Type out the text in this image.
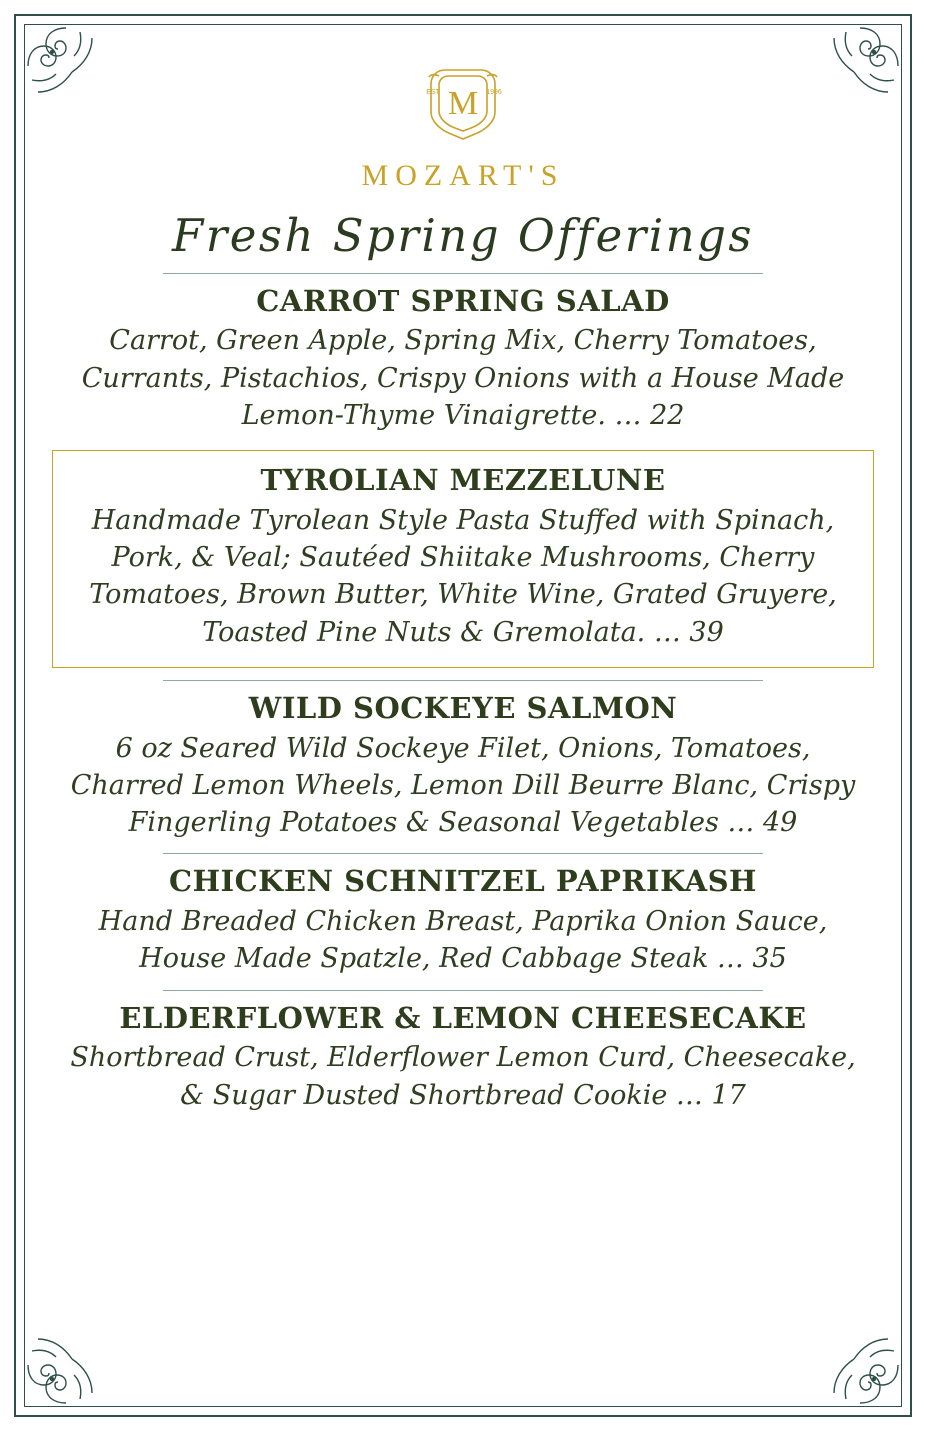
M
EST	1996
MOZART'S
Fresh Spring Offerings
CARROT SPRING SALAD
Carrot, Green Apple, Spring Mix, Cherry Tomatoes, Currants, Pistachios, Crispy Onions with a House Made Lemon-Thyme Vinaigrette. … 22
TYROLIAN MEZZELUNE
Handmade Tyrolean Style Pasta Stuffed with Spinach, Pork, & Veal; Sautéed Shiitake Mushrooms, Cherry Tomatoes, Brown Butter, White Wine, Grated Gruyere, Toasted Pine Nuts & Gremolata. … 39
WILD SOCKEYE SALMON
6 oz Seared Wild Sockeye Filet, Onions, Tomatoes, Charred Lemon Wheels, Lemon Dill Beurre Blanc, Crispy Fingerling Potatoes & Seasonal Vegetables … 49
CHICKEN SCHNITZEL PAPRIKASH
Hand Breaded Chicken Breast, Paprika Onion Sauce, House Made Spatzle, Red Cabbage Steak … 35
ELDERFLOWER & LEMON CHEESECAKE
Shortbread Crust, Elderflower Lemon Curd, Cheesecake, & Sugar Dusted Shortbread Cookie … 17
